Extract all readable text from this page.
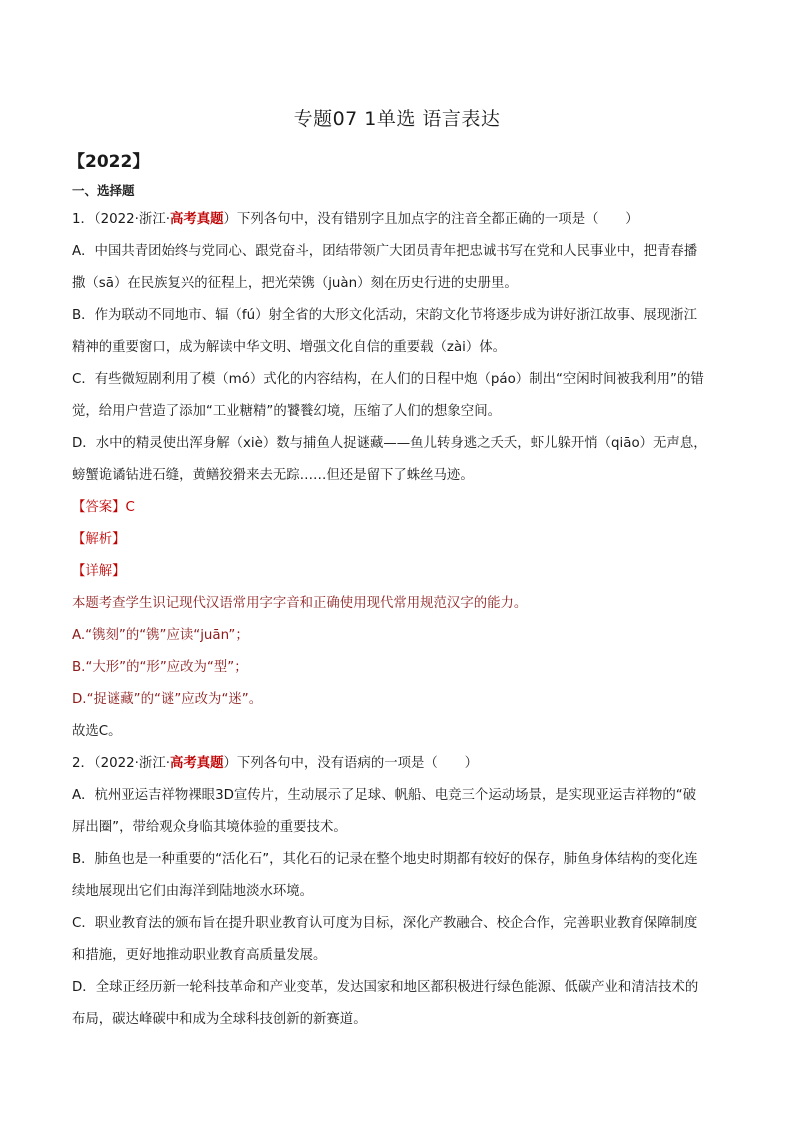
专题07 1单选 语言表达
【2022】

一、选择题

1．（2022·浙江·高考真题）下列各句中，没有错别字且加点字的注音全都正确的一项是（　　）

A．中国共青团始终与党同心、跟党奋斗，团结带领广大团员青年把忠诚书写在党和人民事业中，把青春播

撒（sā）在民族复兴的征程上，把光荣镌（juàn）刻在历史行进的史册里。

B．作为联动不同地市、辐（fú）射全省的大形文化活动，宋韵文化节将逐步成为讲好浙江故事、展现浙江

精神的重要窗口，成为解读中华文明、增强文化自信的重要载（zài）体。

C．有些微短剧利用了模（mó）式化的内容结构，在人们的日程中炮（páo）制出“空闲时间被我利用”的错

觉，给用户营造了添加“工业糖精”的饕餮幻境，压缩了人们的想象空间。

D．水中的精灵使出浑身解（xiè）数与捕鱼人捉谜藏——鱼儿转身逃之夭夭，虾儿躲开悄（qiāo）无声息，

螃蟹诡谲钻进石缝，黄鳝狡猾来去无踪……但还是留下了蛛丝马迹。

【答案】C

【解析】

【详解】

本题考查学生识记现代汉语常用字字音和正确使用现代常用规范汉字的能力。

A.“镌刻”的“镌”应读“juān”；

B.“大形”的“形”应改为“型”；

D.“捉谜藏”的“谜”应改为“迷”。

故选C。

2．（2022·浙江·高考真题）下列各句中，没有语病的一项是（　　）

A．杭州亚运吉祥物裸眼3D宣传片，生动展示了足球、帆船、电竞三个运动场景，是实现亚运吉祥物的“破

屏出圈”，带给观众身临其境体验的重要技术。

B．肺鱼也是一种重要的“活化石”，其化石的记录在整个地史时期都有较好的保存，肺鱼身体结构的变化连

续地展现出它们由海洋到陆地淡水环境。

C．职业教育法的颁布旨在提升职业教育认可度为目标，深化产教融合、校企合作，完善职业教育保障制度

和措施，更好地推动职业教育高质量发展。

D．全球正经历新一轮科技革命和产业变革，发达国家和地区都积极进行绿色能源、低碳产业和清洁技术的

布局，碳达峰碳中和成为全球科技创新的新赛道。
